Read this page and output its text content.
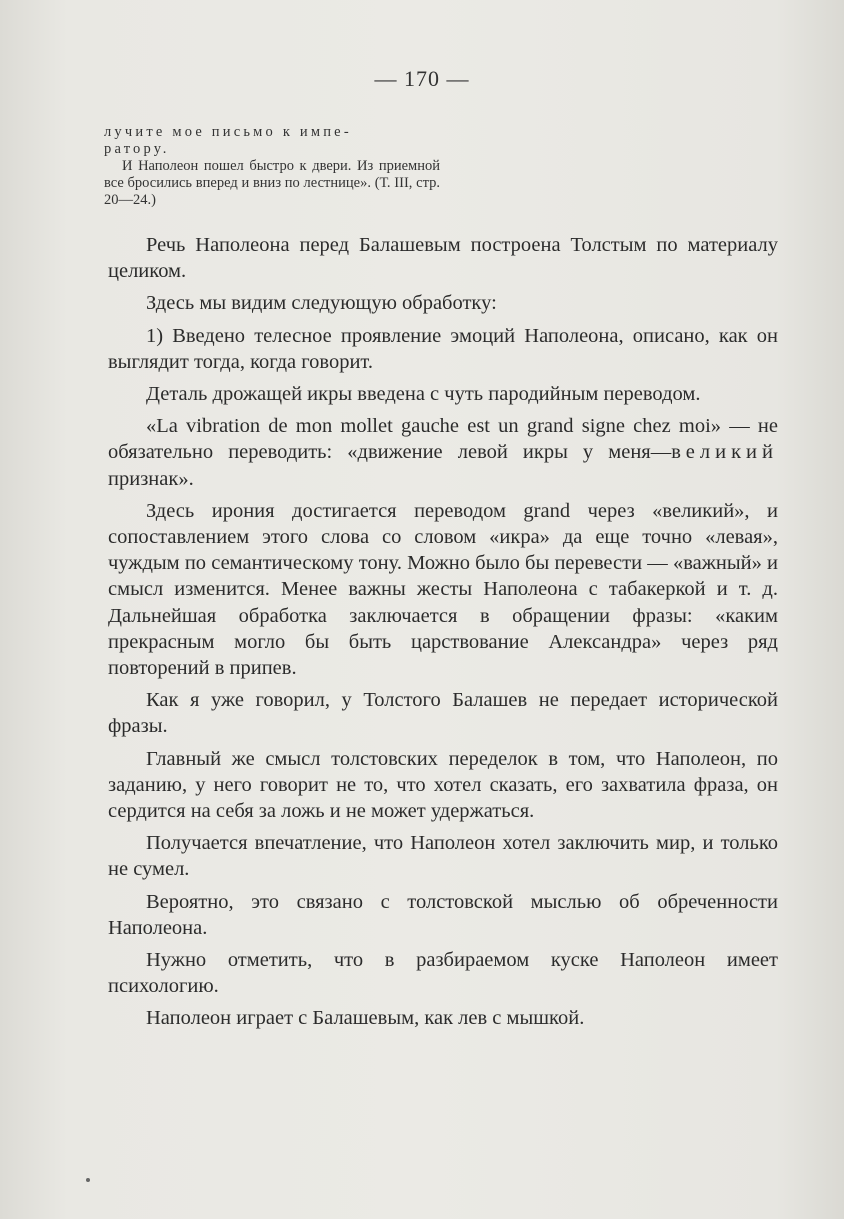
— 170 —

лучите мое письмо к импе-

ратору.

И Наполеон пошел быстро к двери. Из приемной все бросились вперед и вниз по лестнице». (Т. III, стр. 20—24.)

Речь Наполеона перед Балашевым построена Толстым по материалу целиком.

Здесь мы видим следующую обработку:

1) Введено телесное проявление эмоций Наполеона, описано, как он выглядит тогда, когда говорит.

Деталь дрожащей икры введена с чуть пародийным переводом.

«La vibration de mon mollet gauche est un grand signe chez moi» — не обязательно переводить: «движение левой икры у меня—великий признак».

Здесь ирония достигается переводом grand через «великий», и сопоставлением этого слова со словом «икра» да еще точно «левая», чуждым по семантическому тону. Можно было бы перевести — «важный» и смысл изменится. Менее важны жесты Наполеона с табакеркой и т. д. Дальнейшая обработка заключается в обращении фразы: «каким прекрасным могло бы быть царствование Александра» через ряд повторений в припев.

Как я уже говорил, у Толстого Балашев не передает исторической фразы.

Главный же смысл толстовских переделок в том, что Наполеон, по заданию, у него говорит не то, что хотел сказать, его захватила фраза, он сердится на себя за ложь и не может удержаться.

Получается впечатление, что Наполеон хотел заключить мир, и только не сумел.

Вероятно, это связано с толстовской мыслью об обреченности Наполеона.

Нужно отметить, что в разбираемом куске Наполеон имеет психологию.

Наполеон играет с Балашевым, как лев с мышкой.
